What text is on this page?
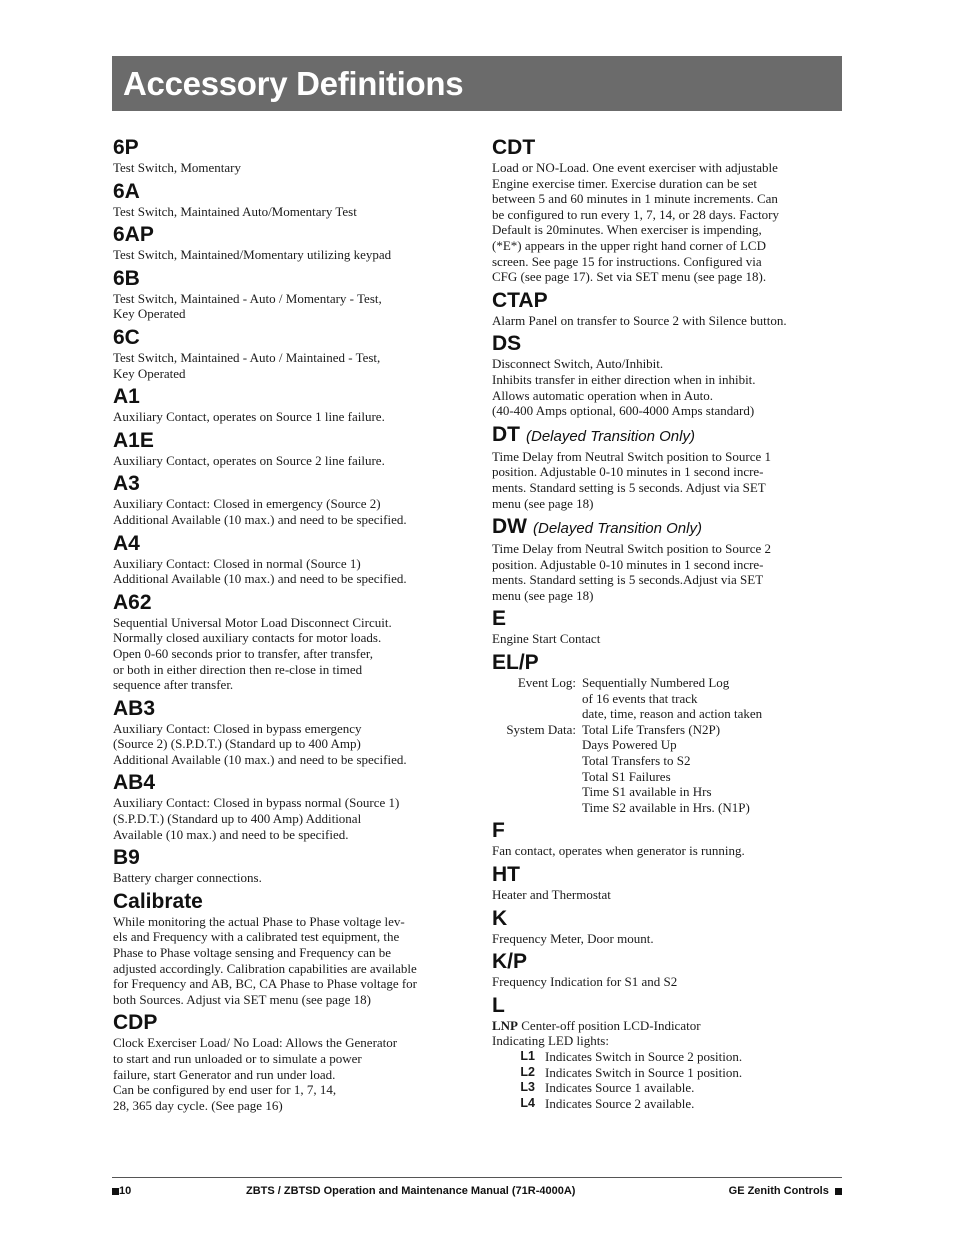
Accessory Definitions
6P
Test Switch, Momentary
6A
Test Switch, Maintained Auto/Momentary Test
6AP
Test Switch, Maintained/Momentary utilizing keypad
6B
Test Switch, Maintained - Auto / Momentary - Test,
Key Operated
6C
Test Switch, Maintained - Auto / Maintained - Test,
Key Operated
A1
Auxiliary Contact, operates on Source 1 line failure.
A1E
Auxiliary Contact, operates on Source 2 line failure.
A3
Auxiliary Contact: Closed in emergency (Source 2)
Additional Available (10 max.) and need to be specified.
A4
Auxiliary Contact: Closed in normal (Source 1)
Additional Available (10 max.) and need to be specified.
A62
Sequential Universal Motor Load Disconnect Circuit.
Normally closed auxiliary contacts for motor loads.
Open 0-60 seconds prior to transfer, after transfer,
or both in either direction then re-close in timed
sequence after transfer.
AB3
Auxiliary Contact: Closed in bypass emergency
(Source 2) (S.P.D.T.) (Standard up to 400 Amp)
Additional Available (10 max.) and need to be specified.
AB4
Auxiliary Contact: Closed in bypass normal (Source 1)
(S.P.D.T.) (Standard up to 400 Amp) Additional
Available (10 max.) and need to be specified.
B9
Battery charger connections.
Calibrate
While monitoring the actual Phase to Phase voltage lev-
els and Frequency with a calibrated test equipment, the
Phase to Phase voltage sensing and Frequency can be
adjusted accordingly. Calibration capabilities are available
for Frequency and AB, BC, CA Phase to Phase voltage for
both Sources. Adjust via SET menu (see page 18)
CDP
Clock Exerciser Load/ No Load: Allows the Generator
to start and run unloaded or to simulate a power
failure, start Generator and run under load.
Can be configured by end user for 1, 7, 14,
28, 365 day cycle. (See page 16)
CDT
Load or NO-Load. One event exerciser with adjustable
Engine exercise timer. Exercise duration can be set
between 5 and 60 minutes in 1 minute increments. Can
be configured to run every 1, 7, 14, or 28 days. Factory
Default is 20minutes. When exerciser is impending,
(*E*) appears in the upper right hand corner of LCD
screen. See page 15 for instructions. Configured via
CFG (see page 17). Set via SET menu (see page 18).
CTAP
Alarm Panel on transfer to Source 2 with Silence button.
DS
Disconnect Switch, Auto/Inhibit.
Inhibits transfer in either direction when in inhibit.
Allows automatic operation when in Auto.
(40-400 Amps optional, 600-4000 Amps standard)
DT (Delayed Transition Only)
Time Delay from Neutral Switch position to Source 1
position. Adjustable 0-10 minutes in 1 second incre-
ments. Standard setting is 5 seconds. Adjust via SET
menu (see page 18)
DW (Delayed Transition Only)
Time Delay from Neutral Switch position to Source 2
position. Adjustable 0-10 minutes in 1 second incre-
ments. Standard setting is 5 seconds.Adjust via SET
menu (see page 18)
E
Engine Start Contact
EL/P
Event Log: Sequentially Numbered Log
of 16 events that track
date, time, reason and action taken
System Data: Total Life Transfers (N2P)
Days Powered Up
Total Transfers to S2
Total S1 Failures
Time S1 available in Hrs
Time S2 available in Hrs. (N1P)
F
Fan contact, operates when generator is running.
HT
Heater and Thermostat
K
Frequency Meter, Door mount.
K/P
Frequency Indication for S1 and S2
L
LNP Center-off position LCD-Indicator
Indicating LED lights:
L1 Indicates Switch in Source 2 position.
L2 Indicates Switch in Source 1 position.
L3 Indicates Source 1 available.
L4 Indicates Source 2 available.
10	ZBTS / ZBTSD Operation and Maintenance Manual (71R-4000A)	GE Zenith Controls
